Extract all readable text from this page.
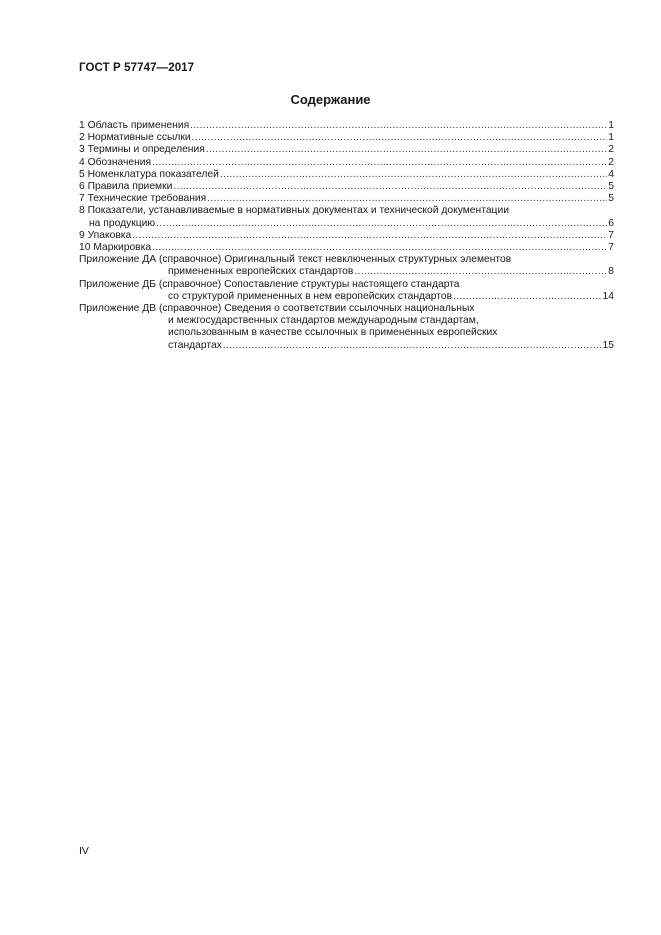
ГОСТ Р 57747—2017
Содержание
1 Область применения .....	1
2 Нормативные ссылки .....	1
3 Термины и определения .....	2
4 Обозначения .....	2
5 Номенклатура показателей .....	4
6 Правила приемки .....	5
7 Технические требования .....	5
8 Показатели, устанавливаемые в нормативных документах и технической документации
на продукцию .....	6
9 Упаковка .....	7
10 Маркировка .....	7
Приложение ДА (справочное) Оригинальный текст невключенных структурных элементов
примененных европейских стандартов .....	8
Приложение ДБ (справочное) Сопоставление структуры настоящего стандарта
со структурой примененных в нем европейских стандартов .....	14
Приложение ДВ (справочное) Сведения о соответствии ссылочных национальных
и межгосударственных стандартов международным стандартам,
использованным в качестве ссылочных в примененных европейских
стандартах .....	15
IV
